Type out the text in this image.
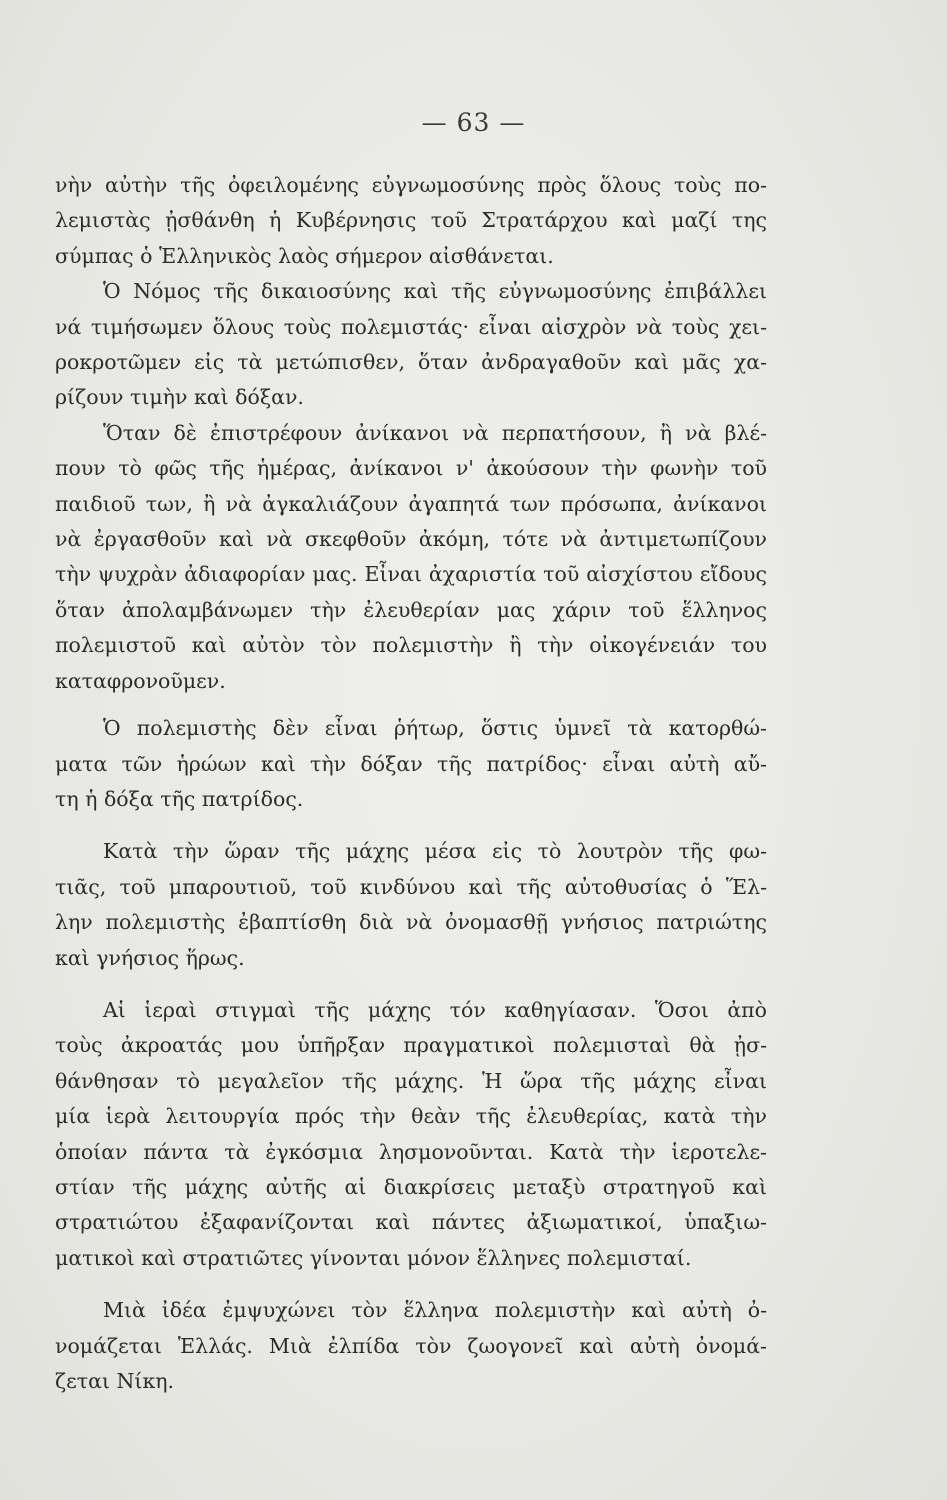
— 63 —

νὴν αὐτὴν τῆς ὀφειλομένης εὐγνωμοσύνης πρὸς ὅλους τοὺς πο-
λεμιστὰς ᾐσθάνθη ἡ Κυβέρνησις τοῦ Στρατάρχου καὶ μαζί της
σύμπας ὁ Ἑλληνικὸς λαὸς σήμερον αἰσθάνεται.

Ὁ Νόμος τῆς δικαιοσύνης καὶ τῆς εὐγνωμοσύνης ἐπιβάλλει
νά τιμήσωμεν ὅλους τοὺς πολεμιστάς· εἶναι αἰσχρὸν νὰ τοὺς χει-
ροκροτῶμεν εἰς τὰ μετώπισθεν, ὅταν ἀνδραγαθοῦν καὶ μᾶς χα-
ρίζουν τιμὴν καὶ δόξαν.

Ὅταν δὲ ἐπιστρέφουν ἀνίκανοι νὰ περπατήσουν, ἢ νὰ βλέ-
πουν τὸ φῶς τῆς ἡμέρας, ἀνίκανοι ν' ἀκούσουν τὴν φωνὴν τοῦ
παιδιοῦ των, ἢ νὰ ἀγκαλιάζουν ἀγαπητά των πρόσωπα, ἀνίκανοι
νὰ ἐργασθοῦν καὶ νὰ σκεφθοῦν ἀκόμη, τότε νὰ ἀντιμετωπίζουν
τὴν ψυχρὰν ἀδιαφορίαν μας. Εἶναι ἀχαριστία τοῦ αἰσχίστου εἴδους
ὅταν ἀπολαμβάνωμεν τὴν ἐλευθερίαν μας χάριν τοῦ ἕλληνος
πολεμιστοῦ καὶ αὐτὸν τὸν πολεμιστὴν ἢ τὴν οἰκογένειάν του
καταφρονοῦμεν.

Ὁ πολεμιστὴς δὲν εἶναι ῥήτωρ, ὅστις ὑμνεῖ τὰ κατορθώ-
ματα τῶν ἡρώων καὶ τὴν δόξαν τῆς πατρίδος· εἶναι αὐτὴ αὔ-
τη ἡ δόξα τῆς πατρίδος.

Κατὰ τὴν ὥραν τῆς μάχης μέσα εἰς τὸ λουτρὸν τῆς φω-
τιᾶς, τοῦ μπαρουτιοῦ, τοῦ κινδύνου καὶ τῆς αὐτοθυσίας ὁ Ἕλ-
λην πολεμιστὴς ἐβαπτίσθη διὰ νὰ ὀνομασθῇ γνήσιος πατριώτης
καὶ γνήσιος ἥρως.

Αἱ ἱεραὶ στιγμαὶ τῆς μάχης τόν καθηγίασαν. Ὅσοι ἀπὸ
τοὺς ἀκροατάς μου ὑπῆρξαν πραγματικοὶ πολεμισταὶ θὰ ᾐσ-
θάνθησαν τὸ μεγαλεῖον τῆς μάχης. Ἡ ὥρα τῆς μάχης εἶναι
μία ἱερὰ λειτουργία πρός τὴν θεὰν τῆς ἐλευθερίας, κατὰ τὴν
ὁποίαν πάντα τὰ ἐγκόσμια λησμονοῦνται. Κατὰ τὴν ἱεροτελε-
στίαν τῆς μάχης αὐτῆς αἱ διακρίσεις μεταξὺ στρατηγοῦ καὶ
στρατιώτου ἐξαφανίζονται καὶ πάντες ἀξιωματικοί, ὑπαξιω-
ματικοὶ καὶ στρατιῶτες γίνονται μόνον ἕλληνες πολεμισταί.

Μιὰ ἰδέα ἐμψυχώνει τὸν ἕλληνα πολεμιστὴν καὶ αὐτὴ ὀ-
νομάζεται Ἑλλάς. Μιὰ ἐλπίδα τὸν ζωογονεῖ καὶ αὐτὴ ὀνομά-
ζεται Νίκη.
